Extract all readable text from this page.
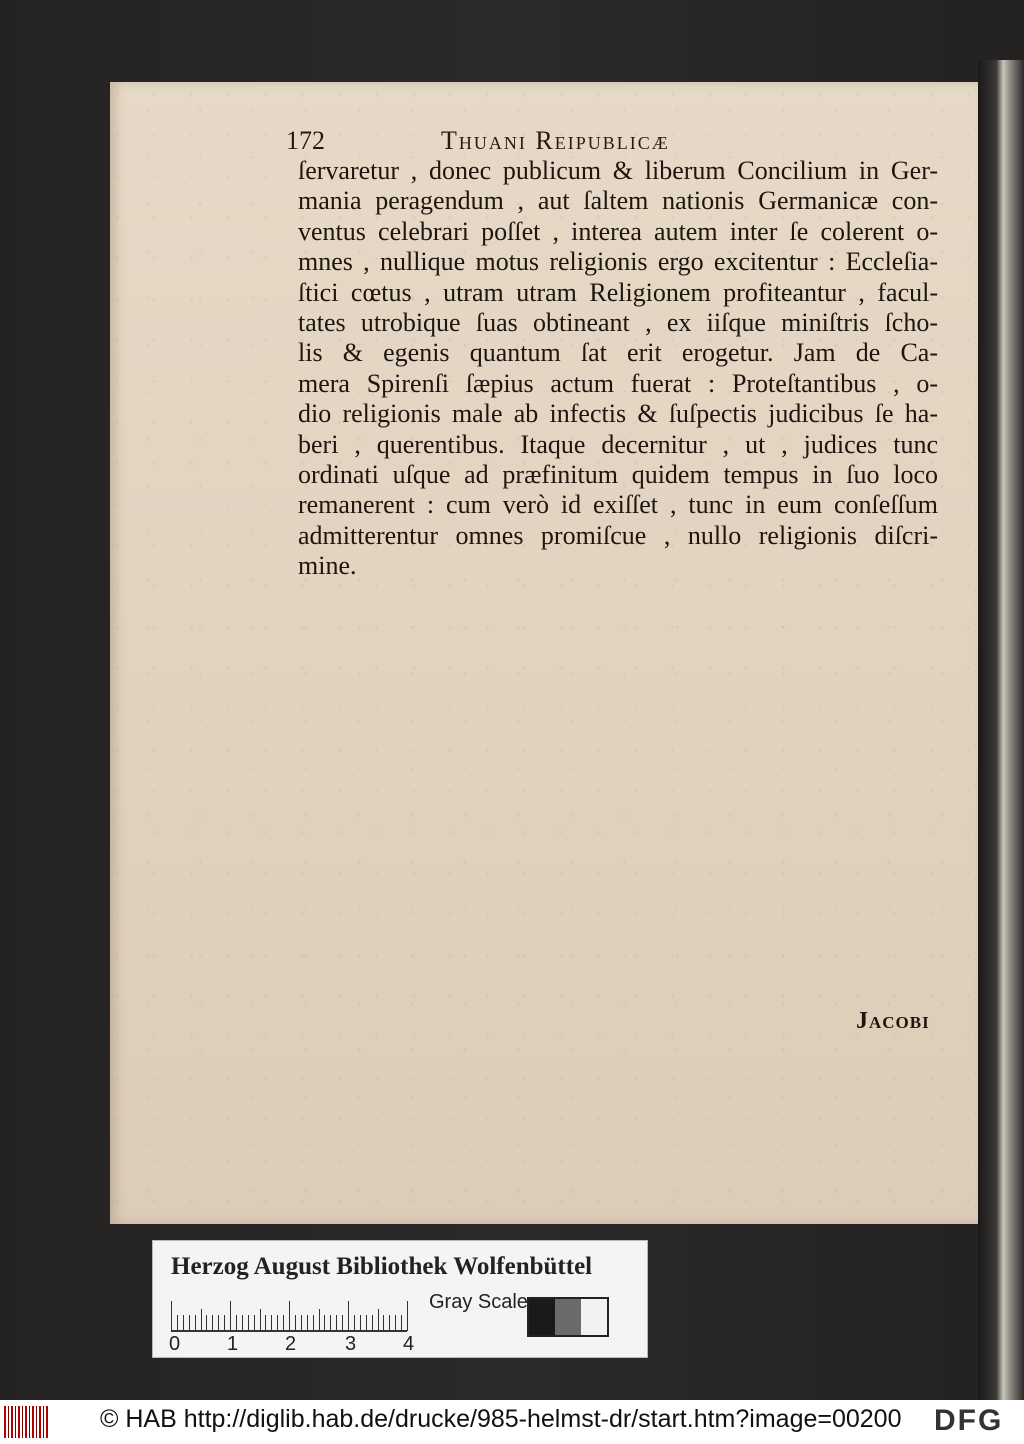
172	Thuani Reipublicæ
ſervaretur , donec publicum & liberum Concilium in Ger-
mania peragendum , aut ſaltem nationis Germanicæ con-
ventus celebrari poſſet , interea autem inter ſe colerent o-
mnes , nullique motus religionis ergo excitentur : Eccleſia-
ſtici cœtus , utram utram Religionem profiteantur , facul-
tates utrobique ſuas obtineant , ex iiſque miniſtris ſcho-
lis & egenis quantum ſat erit erogetur. Jam de Ca-
mera Spirenſi ſæpius actum fuerat : Proteſtantibus , o-
dio religionis male ab infectis & ſuſpectis judicibus ſe ha-
beri , querentibus. Itaque decernitur , ut , judices tunc
ordinati uſque ad præfinitum quidem tempus in ſuo loco
remanerent : cum verò id exiſſet , tunc in eum conſeſſum
admitterentur omnes promiſcue , nullo religionis diſcri-
mine.
Jacobi
Herzog August Bibliothek Wolfenbüttel
0 1 2 3 4
Gray Scale
© HAB http://diglib.hab.de/drucke/985-helmst-dr/start.htm?image=00200 DFG
